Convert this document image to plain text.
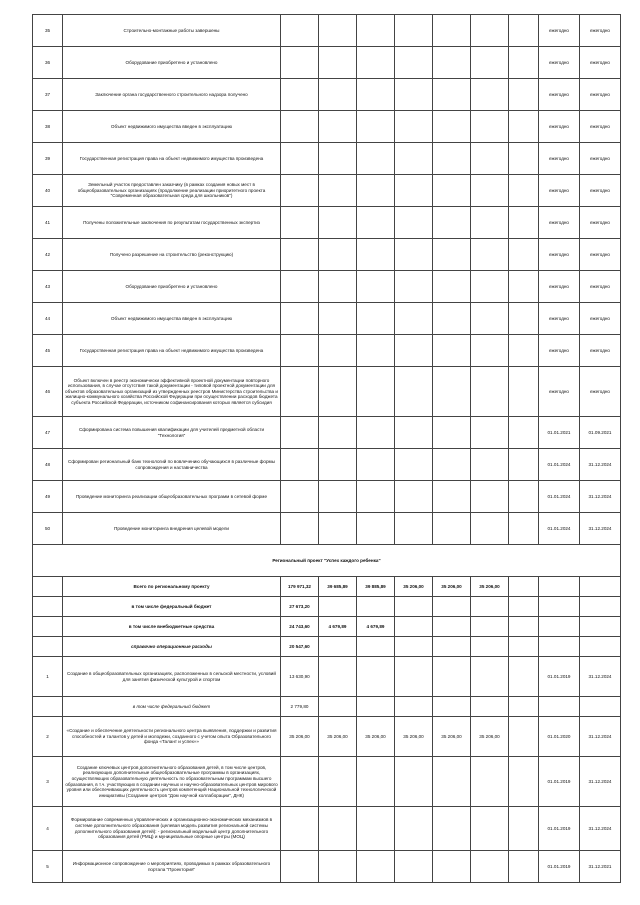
35	Строительно-монтажные работы завершены								ежегодно	ежегодно
36	Оборудование приобретено и установлено								ежегодно	ежегодно
37	Заключение органа государственного строительного надзора получено								ежегодно	ежегодно
38	Объект недвижимого имущества введен в эксплуатацию								ежегодно	ежегодно
39	Государственная регистрация права на объект недвижимого имущества произведена								ежегодно	ежегодно
40	Земельный участок предоставлен заказчику (в рамках создания новых мест в общеобразовательных организациях (продолжение реализации приоритетного проекта "Современная образовательная среда для школьников")								ежегодно	ежегодно
41	Получены положительные заключения по результатам государственных экспертиз								ежегодно	ежегодно
42	Получено разрешение на строительство (реконструкцию)								ежегодно	ежегодно
43	Оборудование приобретено и установлено								ежегодно	ежегодно
44	Объект недвижимого имущества введен в эксплуатацию								ежегодно	ежегодно
45	Государственная регистрация права на объект недвижимого имущества произведена								ежегодно	ежегодно
46	Объект включен в реестр экономически эффективной проектной документации повторного использования, в случае отсутствия такой документации - типовой проектной документации для объектов образовательных организаций из утвержденных реестров Министерства строительства и жилищно-коммунального хозяйства Российской Федерации при осуществлении расходов бюджета субъекта Российской Федерации, источником софинансирования которых является субсидия								ежегодно	ежегодно
47	Сформирована система повышения квалификации для учителей предметной области "Технология"								01.01.2021	01.09.2021
48	Сформирован региональный банк технологий по вовлечению обучающихся в различные формы сопровождения и наставничества								01.01.2024	31.12.2024
49	Проведение мониторинга реализации общеобразовательных программ в сетевой форме								01.01.2024	31.12.2024
50	Проведение мониторинга внедрения целевой модели								01.01.2024	31.12.2024
Региональный проект "Успех каждого ребенка"										
	Всего по региональному проекту	179 971,32	39 685,89	39 885,89	35 206,00	35 206,00	35 206,00			
	в том числе федеральный бюджет	27 673,20								
	в том числе внебюджетные средства	24 743,60	4 679,89	4 679,89						
	справочно операционные расходы	20 547,60								
1	Создание в общеобразовательных организациях, расположенных в сельской местности, условий для занятия физической культурой и спортом	13 630,90							01.01.2019	31.12.2024
	в том числе федеральный бюджет	2 779,80								
2	«Создание и обеспечение деятельности регионального центра выявления, поддержки и развития способностей и талантов у детей и молодежи, созданного с учетом опыта Образовательного фонда «Талант и успех»»	35 206,00	35 206,00	35 206,00	35 206,00	35 206,00	35 206,00		01.01.2020	31.12.2024
3	Создание ключевых центров дополнительного образования детей, в том числе центров, реализующих дополнительные общеобразовательные программы в организациях, осуществляющих образовательную деятельность по образовательным программам высшего образования, в т.ч. участвующих в создании научных и научно-образовательных центров мирового уровня или обеспечивающих деятельность центров компетенций Национальной технологической инициативы (Создание центров "Дом научной коллаборации", ДНК)								01.01.2019	31.12.2024
4	Формирование современных управленческих и организационно-экономических механизмов в системе дополнительного образования (целевая модель развития региональной системы дополнительного образования детей): - региональный модельный центр дополнительного образования детей (РМЦ) и муниципальные опорные центры (МОЦ)								01.01.2019	31.12.2024
5	Информационное сопровождение о мероприятиях, проводимых в рамках образовательного портала "Проектория"								01.01.2019	31.12.2021
